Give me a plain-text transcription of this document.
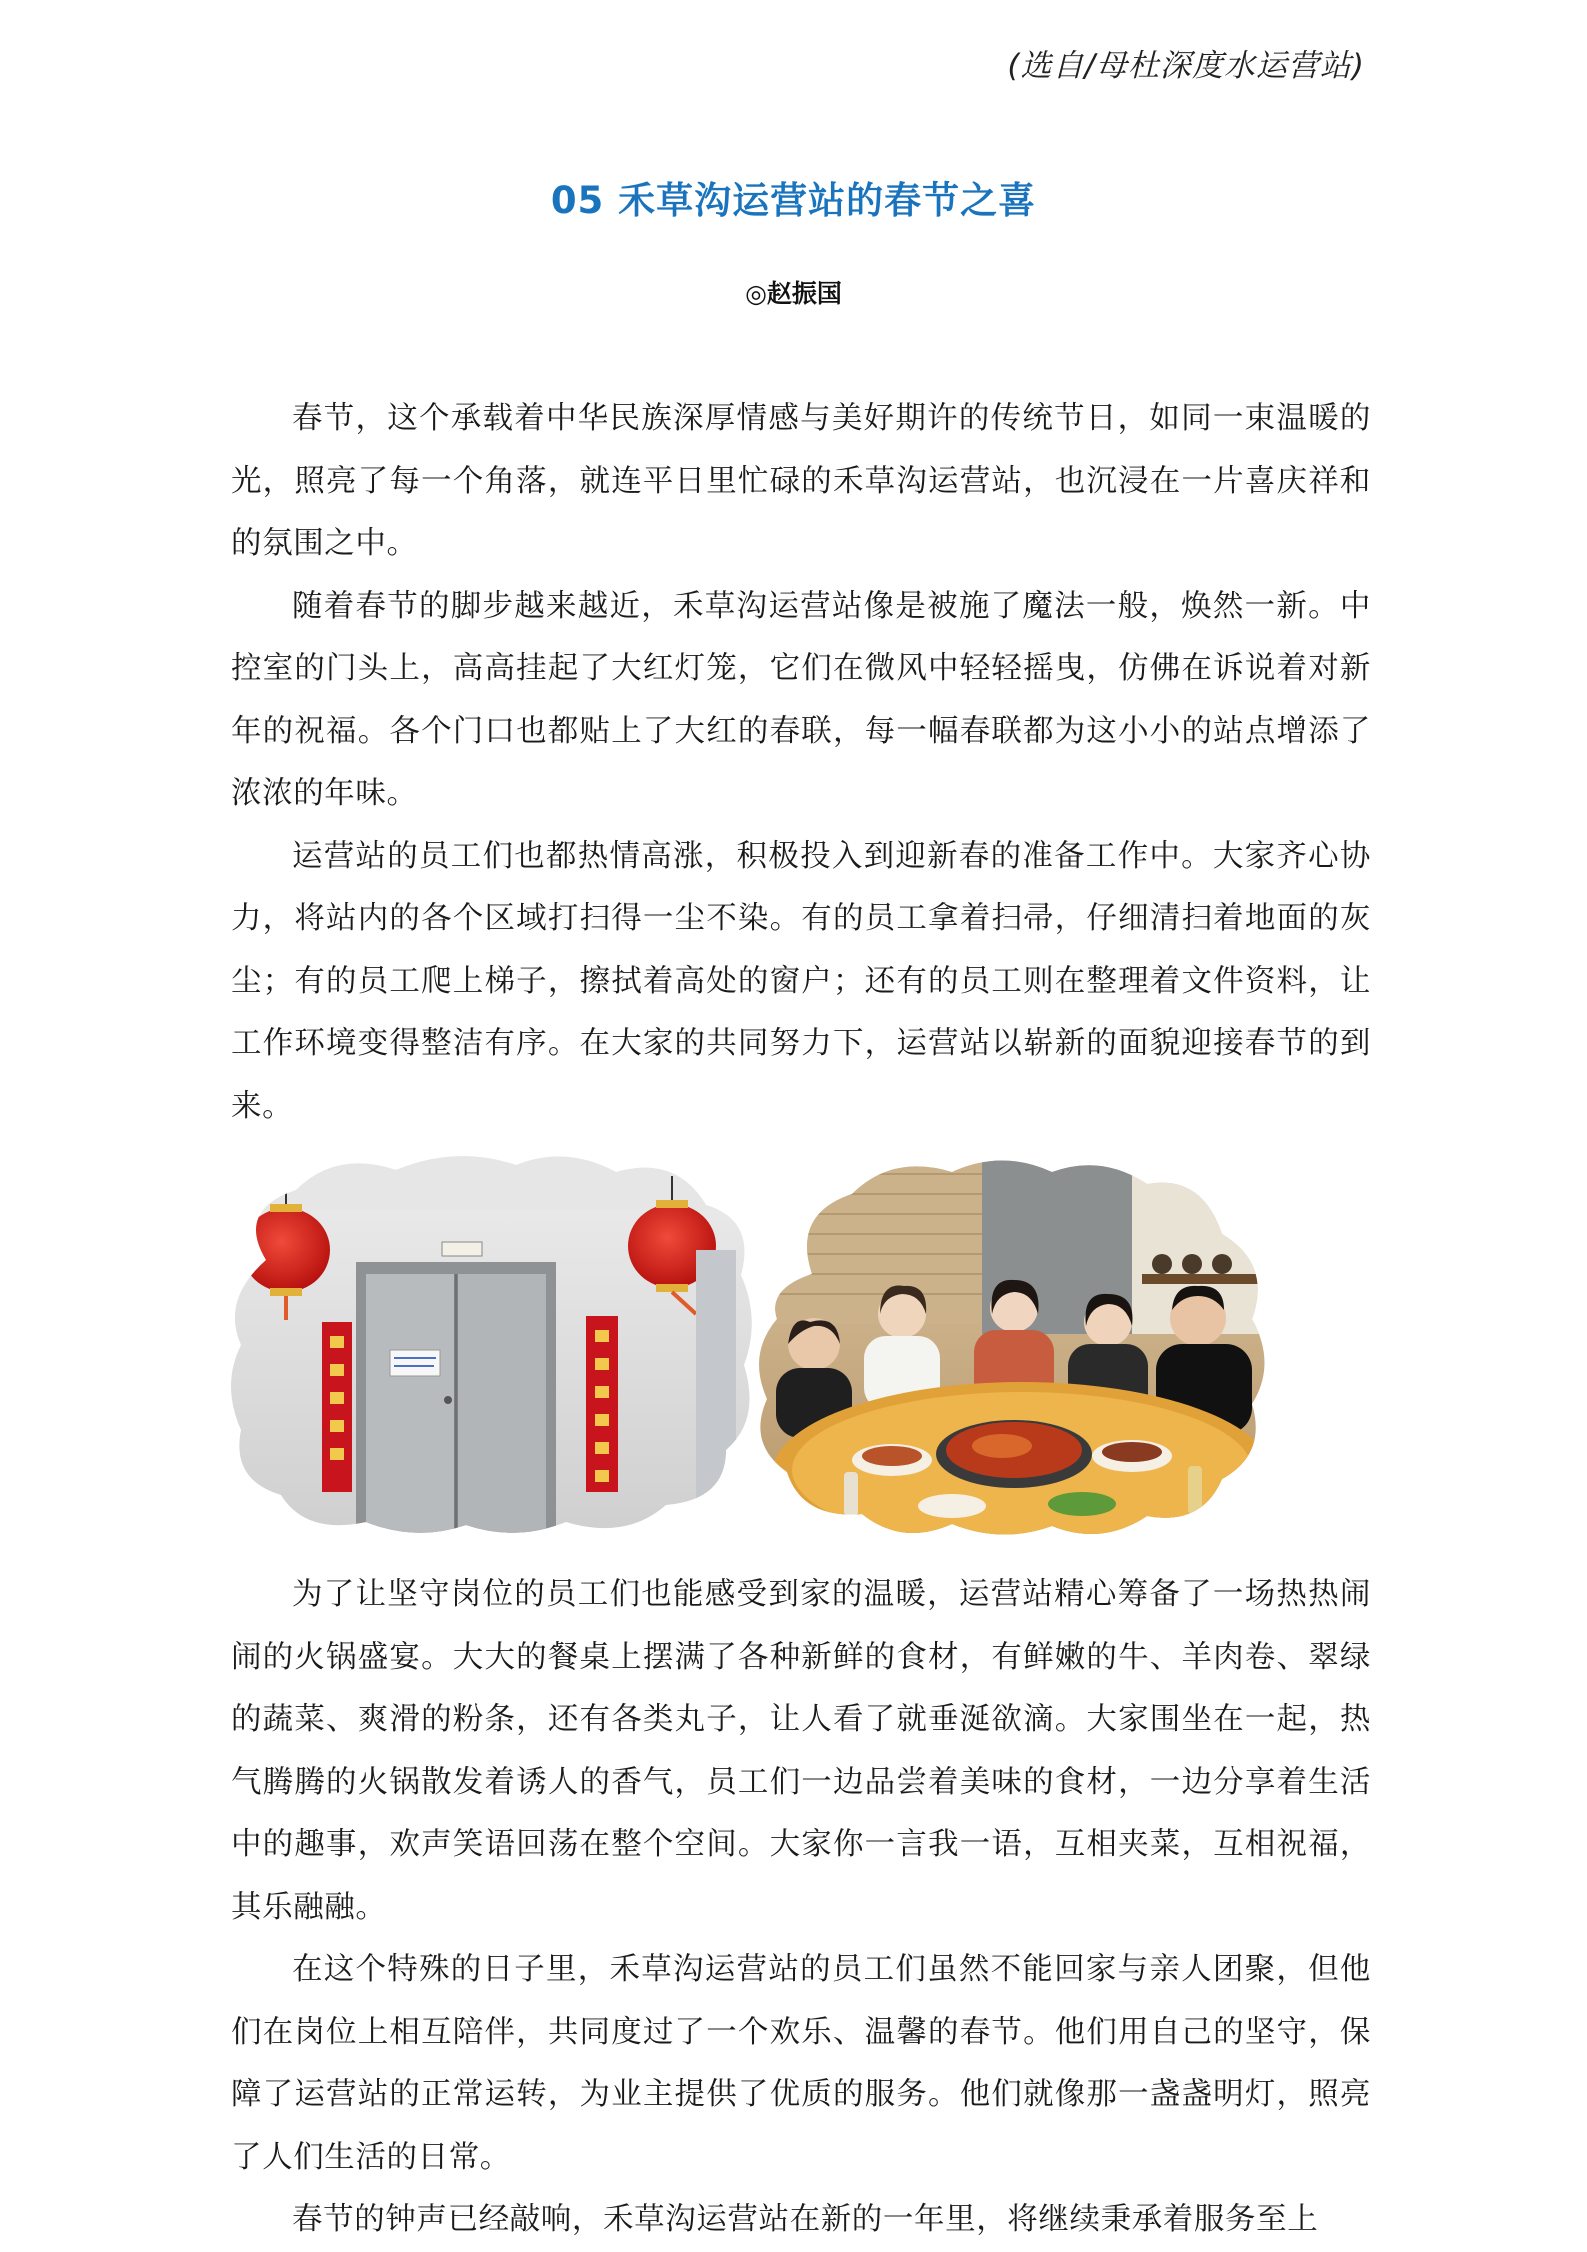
(选自/母杜深度水运营站)
05 禾草沟运营站的春节之喜
◎赵振国

春节，这个承载着中华民族深厚情感与美好期许的传统节日，如同一束温暖的光，照亮了每一个角落，就连平日里忙碌的禾草沟运营站，也沉浸在一片喜庆祥和的氛围之中。

随着春节的脚步越来越近，禾草沟运营站像是被施了魔法一般，焕然一新。中控室的门头上，高高挂起了大红灯笼，它们在微风中轻轻摇曳，仿佛在诉说着对新年的祝福。各个门口也都贴上了大红的春联，每一幅春联都为这小小的站点增添了浓浓的年味。

运营站的员工们也都热情高涨，积极投入到迎新春的准备工作中。大家齐心协力，将站内的各个区域打扫得一尘不染。有的员工拿着扫帚，仔细清扫着地面的灰尘；有的员工爬上梯子，擦拭着高处的窗户；还有的员工则在整理着文件资料，让工作环境变得整洁有序。在大家的共同努力下，运营站以崭新的面貌迎接春节的到来。

为了让坚守岗位的员工们也能感受到家的温暖，运营站精心筹备了一场热热闹闹的火锅盛宴。大大的餐桌上摆满了各种新鲜的食材，有鲜嫩的牛、羊肉卷、翠绿的蔬菜、爽滑的粉条，还有各类丸子，让人看了就垂涎欲滴。大家围坐在一起，热气腾腾的火锅散发着诱人的香气，员工们一边品尝着美味的食材，一边分享着生活中的趣事，欢声笑语回荡在整个空间。大家你一言我一语，互相夹菜，互相祝福，其乐融融。

在这个特殊的日子里，禾草沟运营站的员工们虽然不能回家与亲人团聚，但他们在岗位上相互陪伴，共同度过了一个欢乐、温馨的春节。他们用自己的坚守，保障了运营站的正常运转，为业主提供了优质的服务。他们就像那一盏盏明灯，照亮了人们生活的日常。

春节的钟声已经敲响，禾草沟运营站在新的一年里，将继续秉承着服务至上
